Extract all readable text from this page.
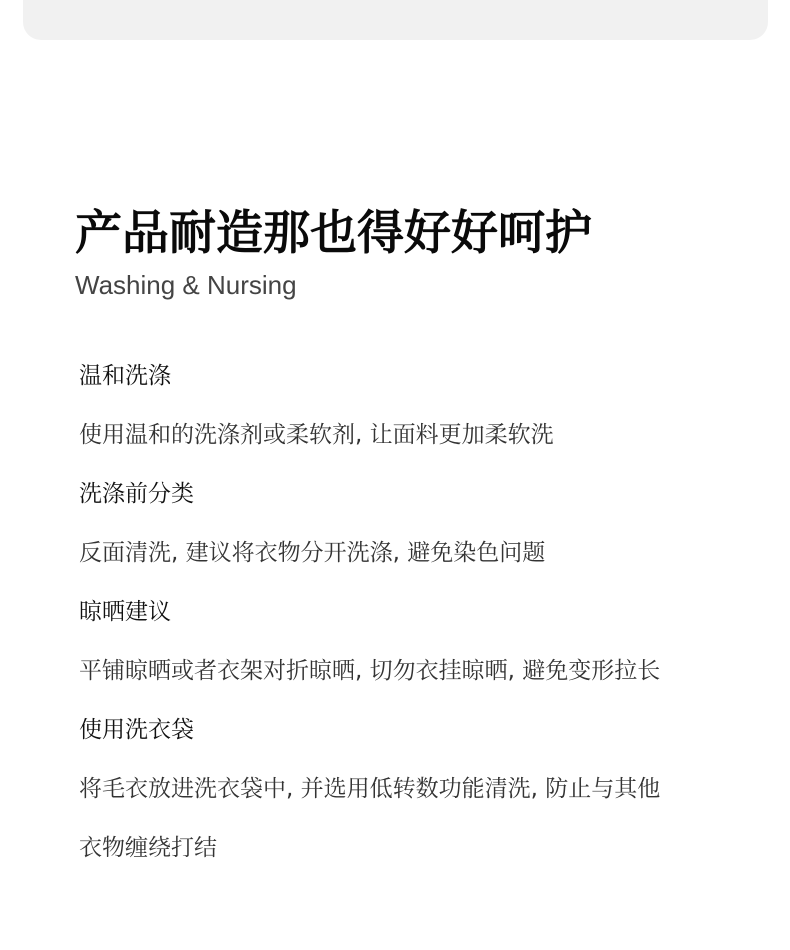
产品耐造那也得好好呵护

Washing & Nursing

温和洗涤
使用温和的洗涤剂或柔软剂, 让面料更加柔软洗
洗涤前分类
反面清洗, 建议将衣物分开洗涤, 避免染色问题
晾晒建议
平铺晾晒或者衣架对折晾晒, 切勿衣挂晾晒, 避免变形拉长
使用洗衣袋
将毛衣放进洗衣袋中, 并选用低转数功能清洗, 防止与其他
衣物缠绕打结
